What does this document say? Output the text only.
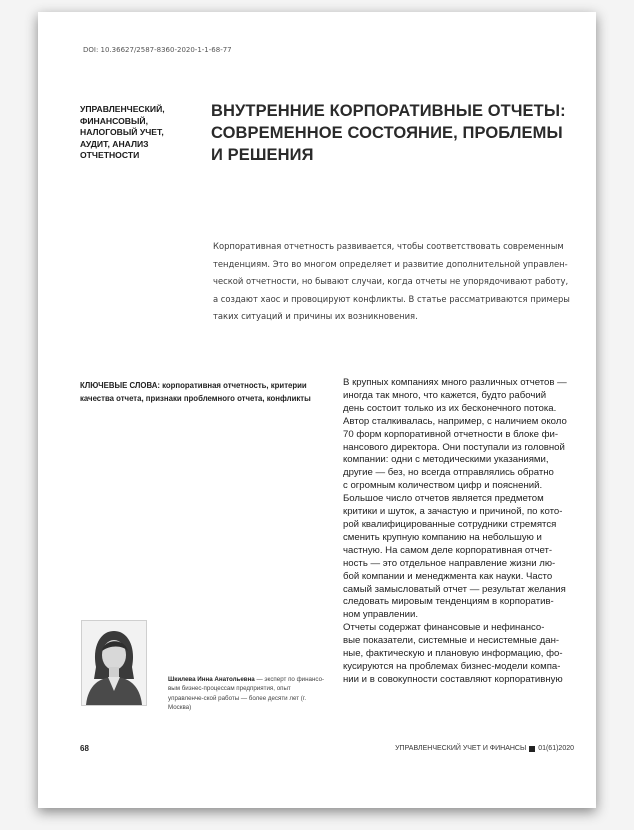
DOI: 10.36627/2587-8360-2020-1-1-68-77
УПРАВЛЕНЧЕСКИЙ,
ФИНАНСОВЫЙ,
НАЛОГОВЫЙ УЧЕТ,
АУДИТ, АНАЛИЗ
ОТЧЕТНОСТИ
ВНУТРЕННИЕ КОРПОРАТИВНЫЕ ОТЧЕТЫ:
СОВРЕМЕННОЕ СОСТОЯНИЕ, ПРОБЛЕМЫ
И РЕШЕНИЯ
Корпоративная отчетность развивается, чтобы соответствовать современным
тенденциям. Это во многом определяет и развитие дополнительной управлен-
ческой отчетности, но бывают случаи, когда отчеты не упорядочивают работу,
а создают хаос и провоцируют конфликты. В статье рассматриваются примеры
таких ситуаций и причины их возникновения.
КЛЮЧЕВЫЕ СЛОВА: корпоративная отчетность, критерии
качества отчета, признаки проблемного отчета, конфликты
В крупных компаниях много различных отчетов —
иногда так много, что кажется, будто рабочий
день состоит только из их бесконечного потока.
Автор сталкивалась, например, с наличием около
70 форм корпоративной отчетности в блоке фи-
нансового директора. Они поступали из головной
компании: одни с методическими указаниями,
другие — без, но всегда отправлялись обратно
с огромным количеством цифр и пояснений.
Большое число отчетов является предметом
критики и шуток, а зачастую и причиной, по кото-
рой квалифицированные сотрудники стремятся
сменить крупную компанию на небольшую и
частную. На самом деле корпоративная отчет-
ность — это отдельное направление жизни лю-
бой компании и менеджмента как науки. Часто
самый замысловатый отчет — результат желания
следовать мировым тенденциям в корпоратив-
ном управлении.
Отчеты содержат финансовые и нефинансо-
вые показатели, системные и несистемные дан-
ные, фактическую и плановую информацию, фо-
кусируются на проблемах бизнес-модели компа-
нии и в совокупности составляют корпоративную
Шкилева Инна Анатольевна — эксперт по финансо-вым бизнес-процессам предприятия, опыт управленче-ской работы — более десяти лет (г. Москва)
68	УПРАВЛЕНЧЕСКИЙ УЧЕТ И ФИНАНСЫ 01(61)2020
